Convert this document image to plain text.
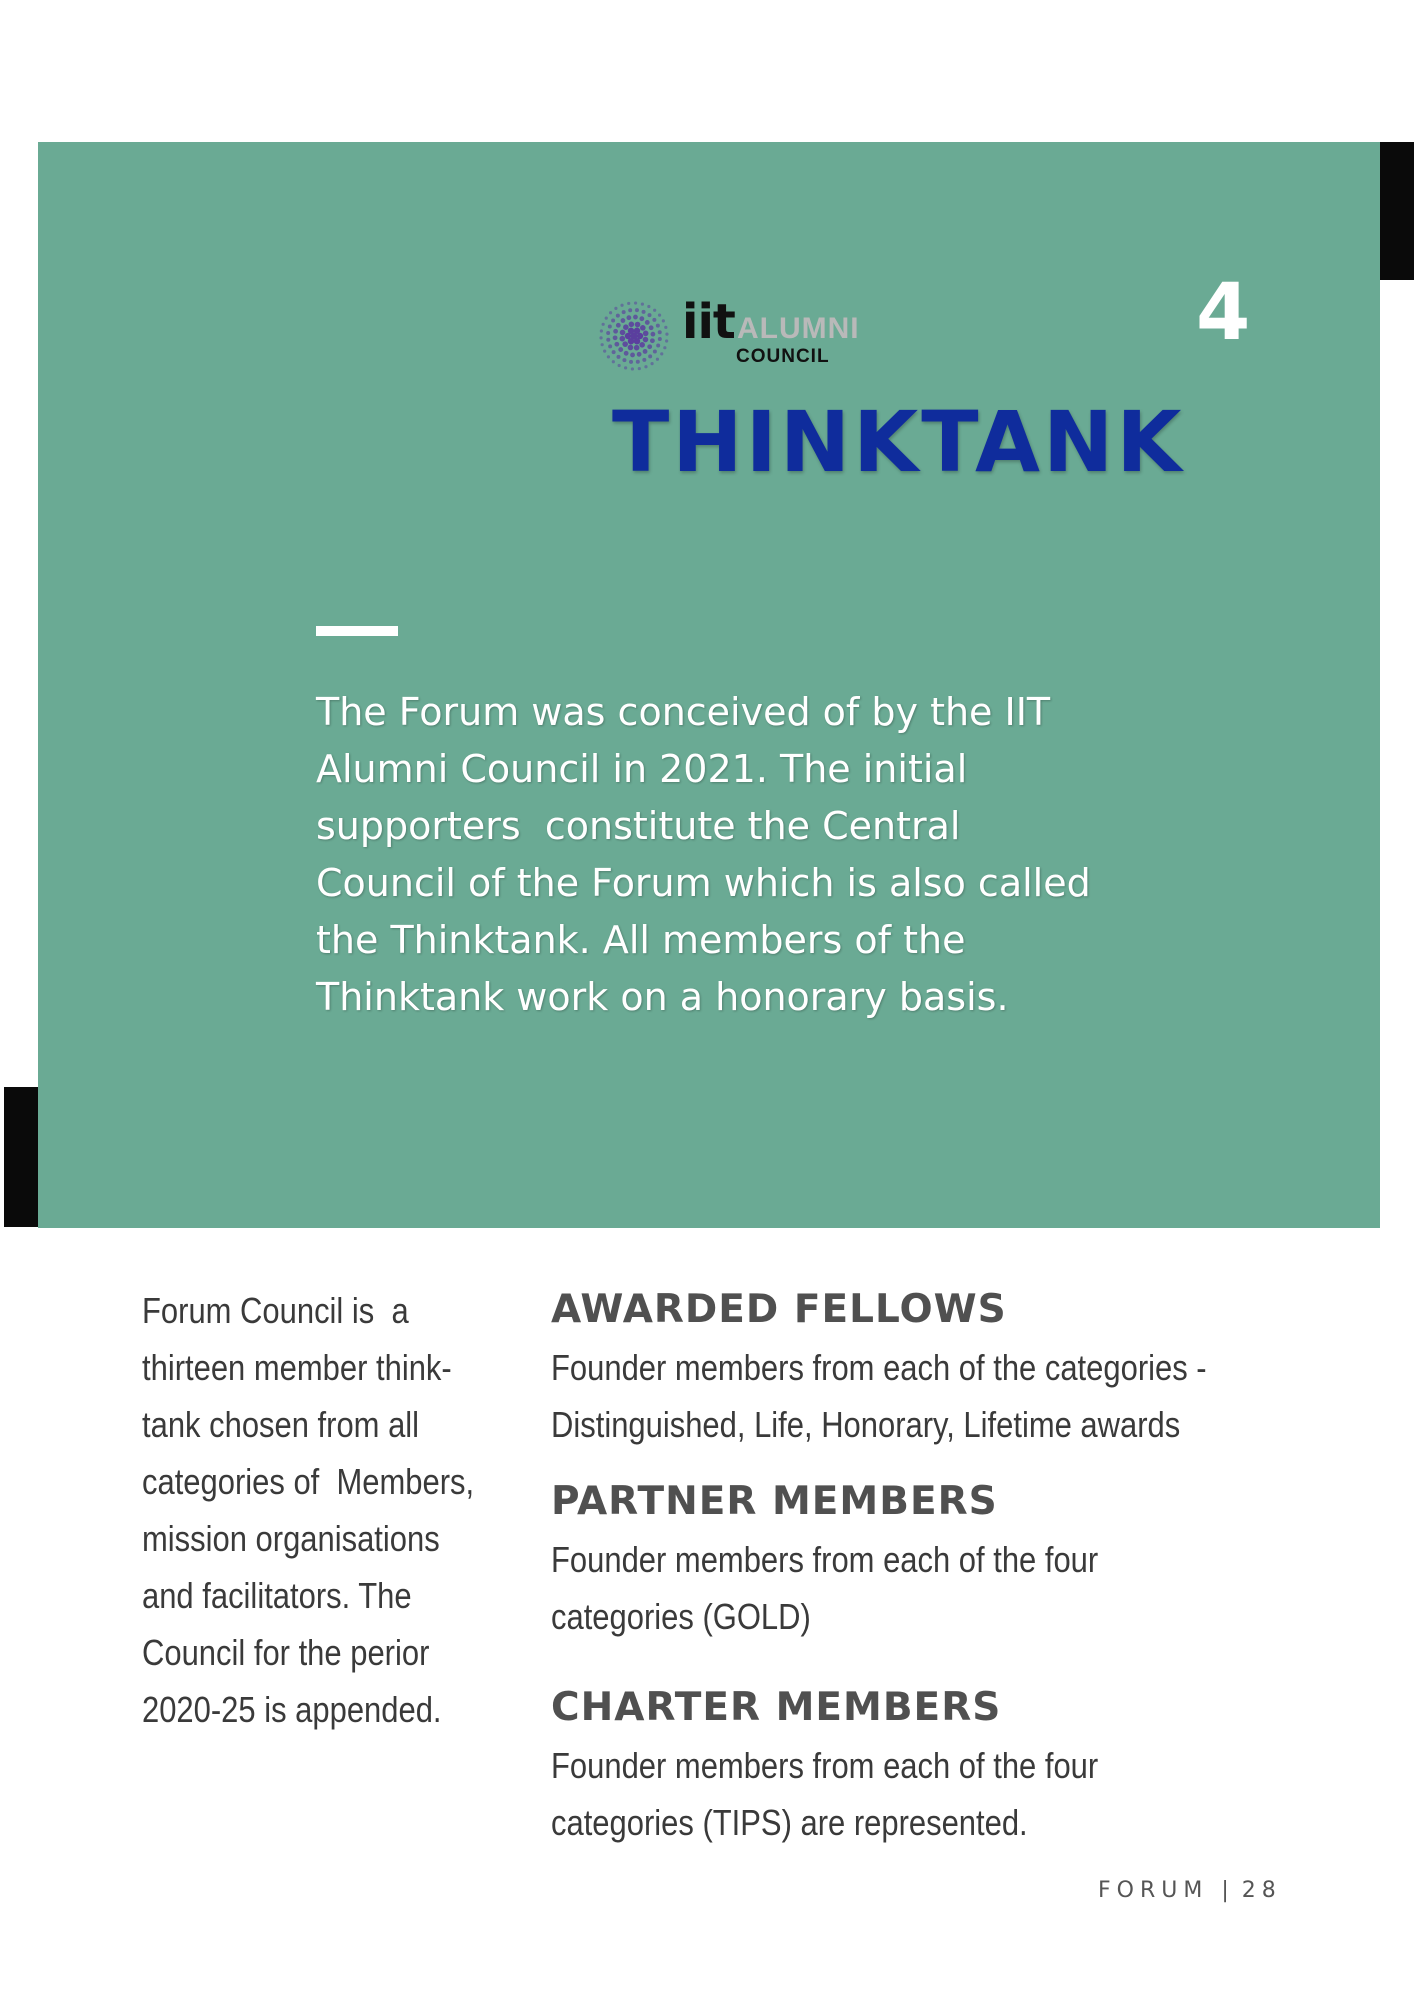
iit ALUMNI
COUNCIL	4
THINKTANK

The Forum was conceived of by the IIT
Alumni Council in 2021. The initial
supporters  constitute the Central
Council of the Forum which is also called
the Thinktank. All members of the
Thinktank work on a honorary basis.

Forum Council is  a
thirteen member think-
tank chosen from all
categories of  Members,
mission organisations
and facilitators. The
Council for the perior
2020-25 is appended.

AWARDED FELLOWS

Founder members from each of the categories -
Distinguished, Life, Honorary, Lifetime awards

PARTNER MEMBERS

Founder members from each of the four
categories (GOLD)

CHARTER MEMBERS

Founder members from each of the four
categories (TIPS) are represented.

FORUM | 28
